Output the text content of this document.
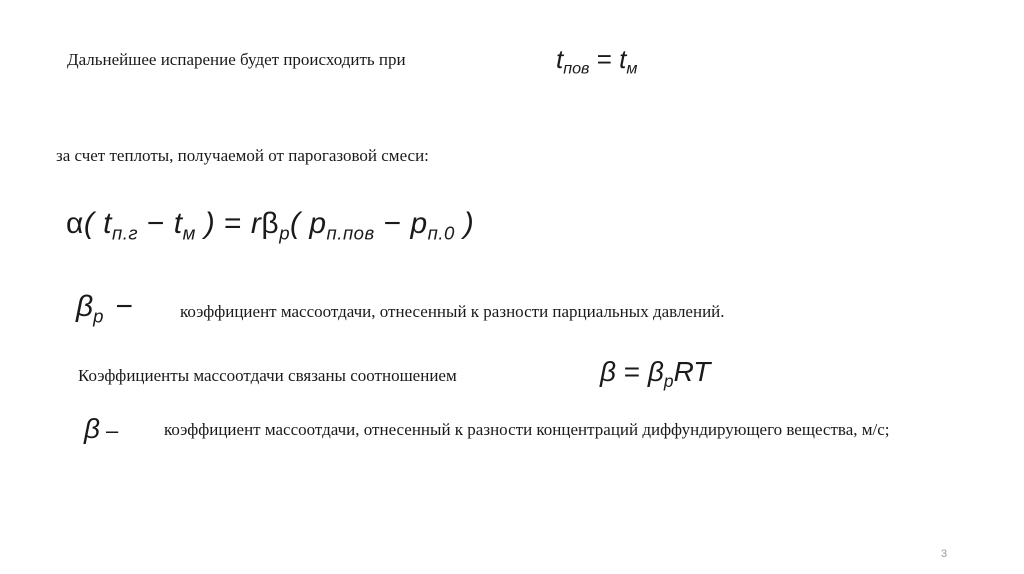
Дальнейшее испарение будет происходить при	$t_{пов} = t_м$
за счет теплоты, получаемой от парогазовой смеси:
α( $t_{п.г} - t_м$ ) = $r\beta_p$( $p_{п.пов} - p_{п.0}$ )
$\beta_p$ −	коэффициент массоотдачи, отнесенный к разности парциальных давлений.
Коэффициенты массоотдачи связаны соотношением	$\beta = \beta_pRT$
β –	коэффициент массоотдачи, отнесенный к разности концентраций диффундирующего вещества, м/с;
3
